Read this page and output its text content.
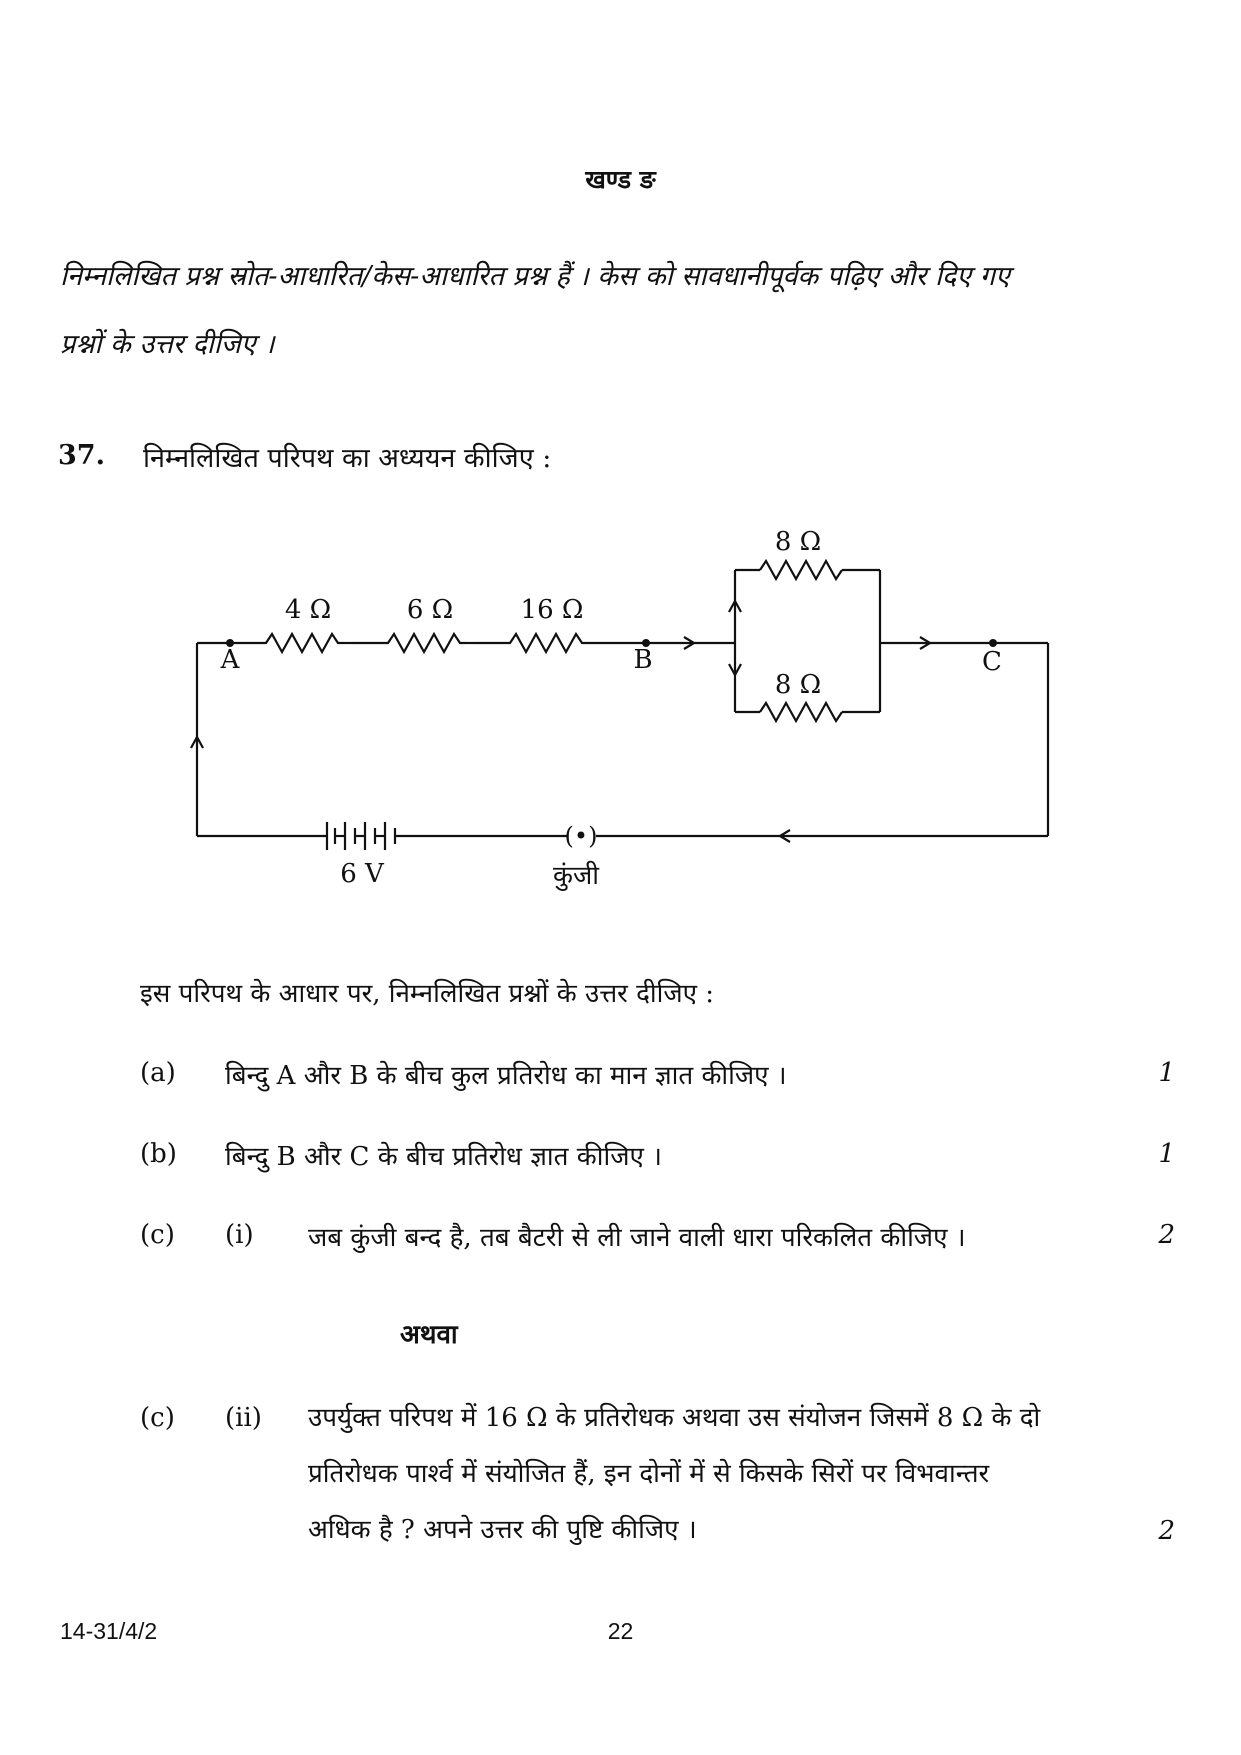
खण्ड ङ
निम्नलिखित प्रश्न स्रोत-आधारित/केस-आधारित प्रश्न हैं । केस को सावधानीपूर्वक पढ़िए और दिए गए
प्रश्नों के उत्तर दीजिए ।
37. निम्नलिखित परिपथ का अध्ययन कीजिए :
4 Ω	6 Ω	16 Ω
8 Ω
8 Ω
A	B	C
(•)
6 V	कुंजी
इस परिपथ के आधार पर, निम्नलिखित प्रश्नों के उत्तर दीजिए :
(a) बिन्दु A और B के बीच कुल प्रतिरोध का मान ज्ञात कीजिए ।	1
(b) बिन्दु B और C के बीच प्रतिरोध ज्ञात कीजिए ।	1
(c) (i) जब कुंजी बन्द है, तब बैटरी से ली जाने वाली धारा परिकलित कीजिए ।	2
अथवा
(c) (ii) उपर्युक्त परिपथ में 16 Ω के प्रतिरोधक अथवा उस संयोजन जिसमें 8 Ω के दो
प्रतिरोधक पार्श्व में संयोजित हैं, इन दोनों में से किसके सिरों पर विभवान्तर
अधिक है ? अपने उत्तर की पुष्टि कीजिए ।	2
14-31/4/2	22
